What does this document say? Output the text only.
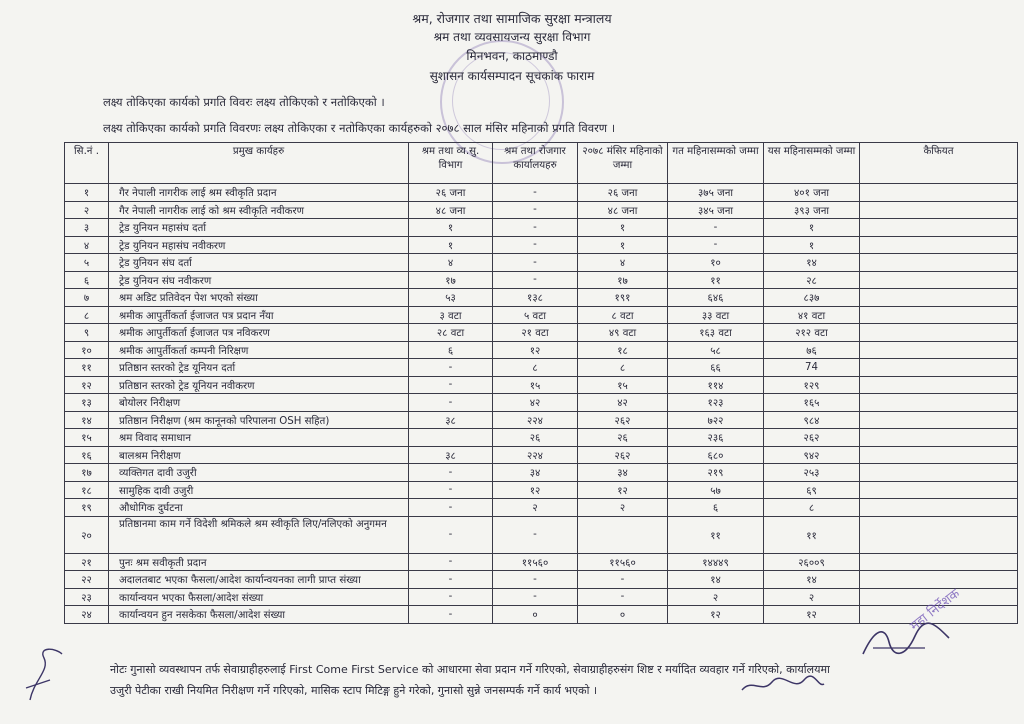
श्रम, रोजगार तथा सामाजिक सुरक्षा मन्त्रालय
श्रम तथा व्यवसायजन्य सुरक्षा विभाग
मिनभवन, काठमाण्डौ
सुशासन कार्यसम्पादन सूचकांक फाराम
लक्ष्य तोकिएका कार्यको प्रगति विवरः लक्ष्य तोकिएको र नतोकिएको ।
लक्ष्य तोकिएका कार्यको प्रगति विवरणः लक्ष्य तोकिएका र नतोकिएका कार्यहरुको २०७८ साल मंसिर महिनाको प्रगति विवरण ।
सि.नं .	प्रमुख कार्यहरु	श्रम तथा व्य.सु. विभाग	श्रम तथा रोजगार कार्यालयहरु	२०७८ मंसिर महिनाको जम्मा	गत महिनासम्मको जम्मा	यस महिनासम्मको जम्मा	कैफियत
१	गैर नेपाली नागरीक लाई श्रम स्वीकृति प्रदान	२६ जना	-	२६ जना	३७५ जना	४०१ जना	
२	गैर नेपाली नागरीक लाई को श्रम स्वीकृति नवीकरण	४८ जना	-	४८ जना	३४५ जना	३९३ जना	
३	ट्रेड युनियन महासंघ दर्ता	१	-	१	-	१	
४	ट्रेड युनियन महासंघ नवीकरण	१	-	१	-	१	
५	ट्रेड युनियन संघ दर्ता	४	-	४	१०	१४	
६	ट्रेड युनियन संघ नवीकरण	१७	-	१७	११	२८	
७	श्रम अडिट प्रतिवेदन पेश भएको संख्या	५३	१३८	१९१	६४६	८३७	
८	श्रमीक आपुर्तीकर्ता ईजाजत पत्र प्रदान नँया	३ वटा	५ वटा	८ वटा	३३ वटा	४१ वटा	
९	श्रमीक आपुर्तीकर्ता ईजाजत पत्र नविकरण	२८ वटा	२१ वटा	४९ वटा	१६३ वटा	२१२ वटा	
१०	श्रमीक आपुर्तीकर्ता कम्पनी निरिक्षण	६	१२	१८	५८	७६	
११	प्रतिष्ठान स्तरको ट्रेड यूनियन दर्ता	-	८	८	६६	74	
१२	प्रतिष्ठान स्तरको ट्रेड यूनियन नवीकरण	-	१५	१५	११४	१२९	
१३	बोयोलर निरीक्षण	-	४२	४२	१२३	१६५	
१४	प्रतिष्ठान निरीक्षण (श्रम कानूनको परिपालना OSH सहित)	३८	२२४	२६२	७२२	९८४	
१५	श्रम विवाद समाधान		२६	२६	२३६	२६२	
१६	बालश्रम निरीक्षण	३८	२२४	२६२	६८०	९४२	
१७	व्यक्तिगत दावी उजुरी	-	३४	३४	२१९	२५३	
१८	सामुहिक दावी उजुरी	-	१२	१२	५७	६९	
१९	औधोगिक दुर्घटना	-	२	२	६	८	
२०	प्रतिष्ठानमा काम गर्ने विदेशी श्रमिकले श्रम स्वीकृति लिए/नलिएको अनुगमन	-	-		११	११	
२१	पुनः श्रम सवीकृती प्रदान	-	११५६०	११५६०	१४४४९	२६००९	
२२	अदालतबाट भएका फैसला/आदेश कार्यान्वयनका लागी प्राप्त संख्या	-	-	-	१४	१४	
२३	कार्यान्वयन भएका फैसला/आदेश संख्या	-	-	-	२	२	
२४	कार्यान्वयन हुन नसकेका फैसला/आदेश संख्या	-	०	०	१२	१२	
नोटः गुनासो व्यवस्थापन तर्फ सेवाग्राहीहरुलाई First Come First Service को आधारमा सेवा प्रदान गर्ने गरिएको, सेवाग्राहीहरुसंग शिष्ट र मर्यादित व्यवहार गर्ने गरिएको, कार्यालयमा
उजुरी पेटीका राखी नियमित निरीक्षण गर्ने गरिएको, मासिक स्टाप मिटिङ्ग हुने गरेको, गुनासो सुन्ने जनसम्पर्क गर्ने कार्य भएको ।
महा निर्देशक
